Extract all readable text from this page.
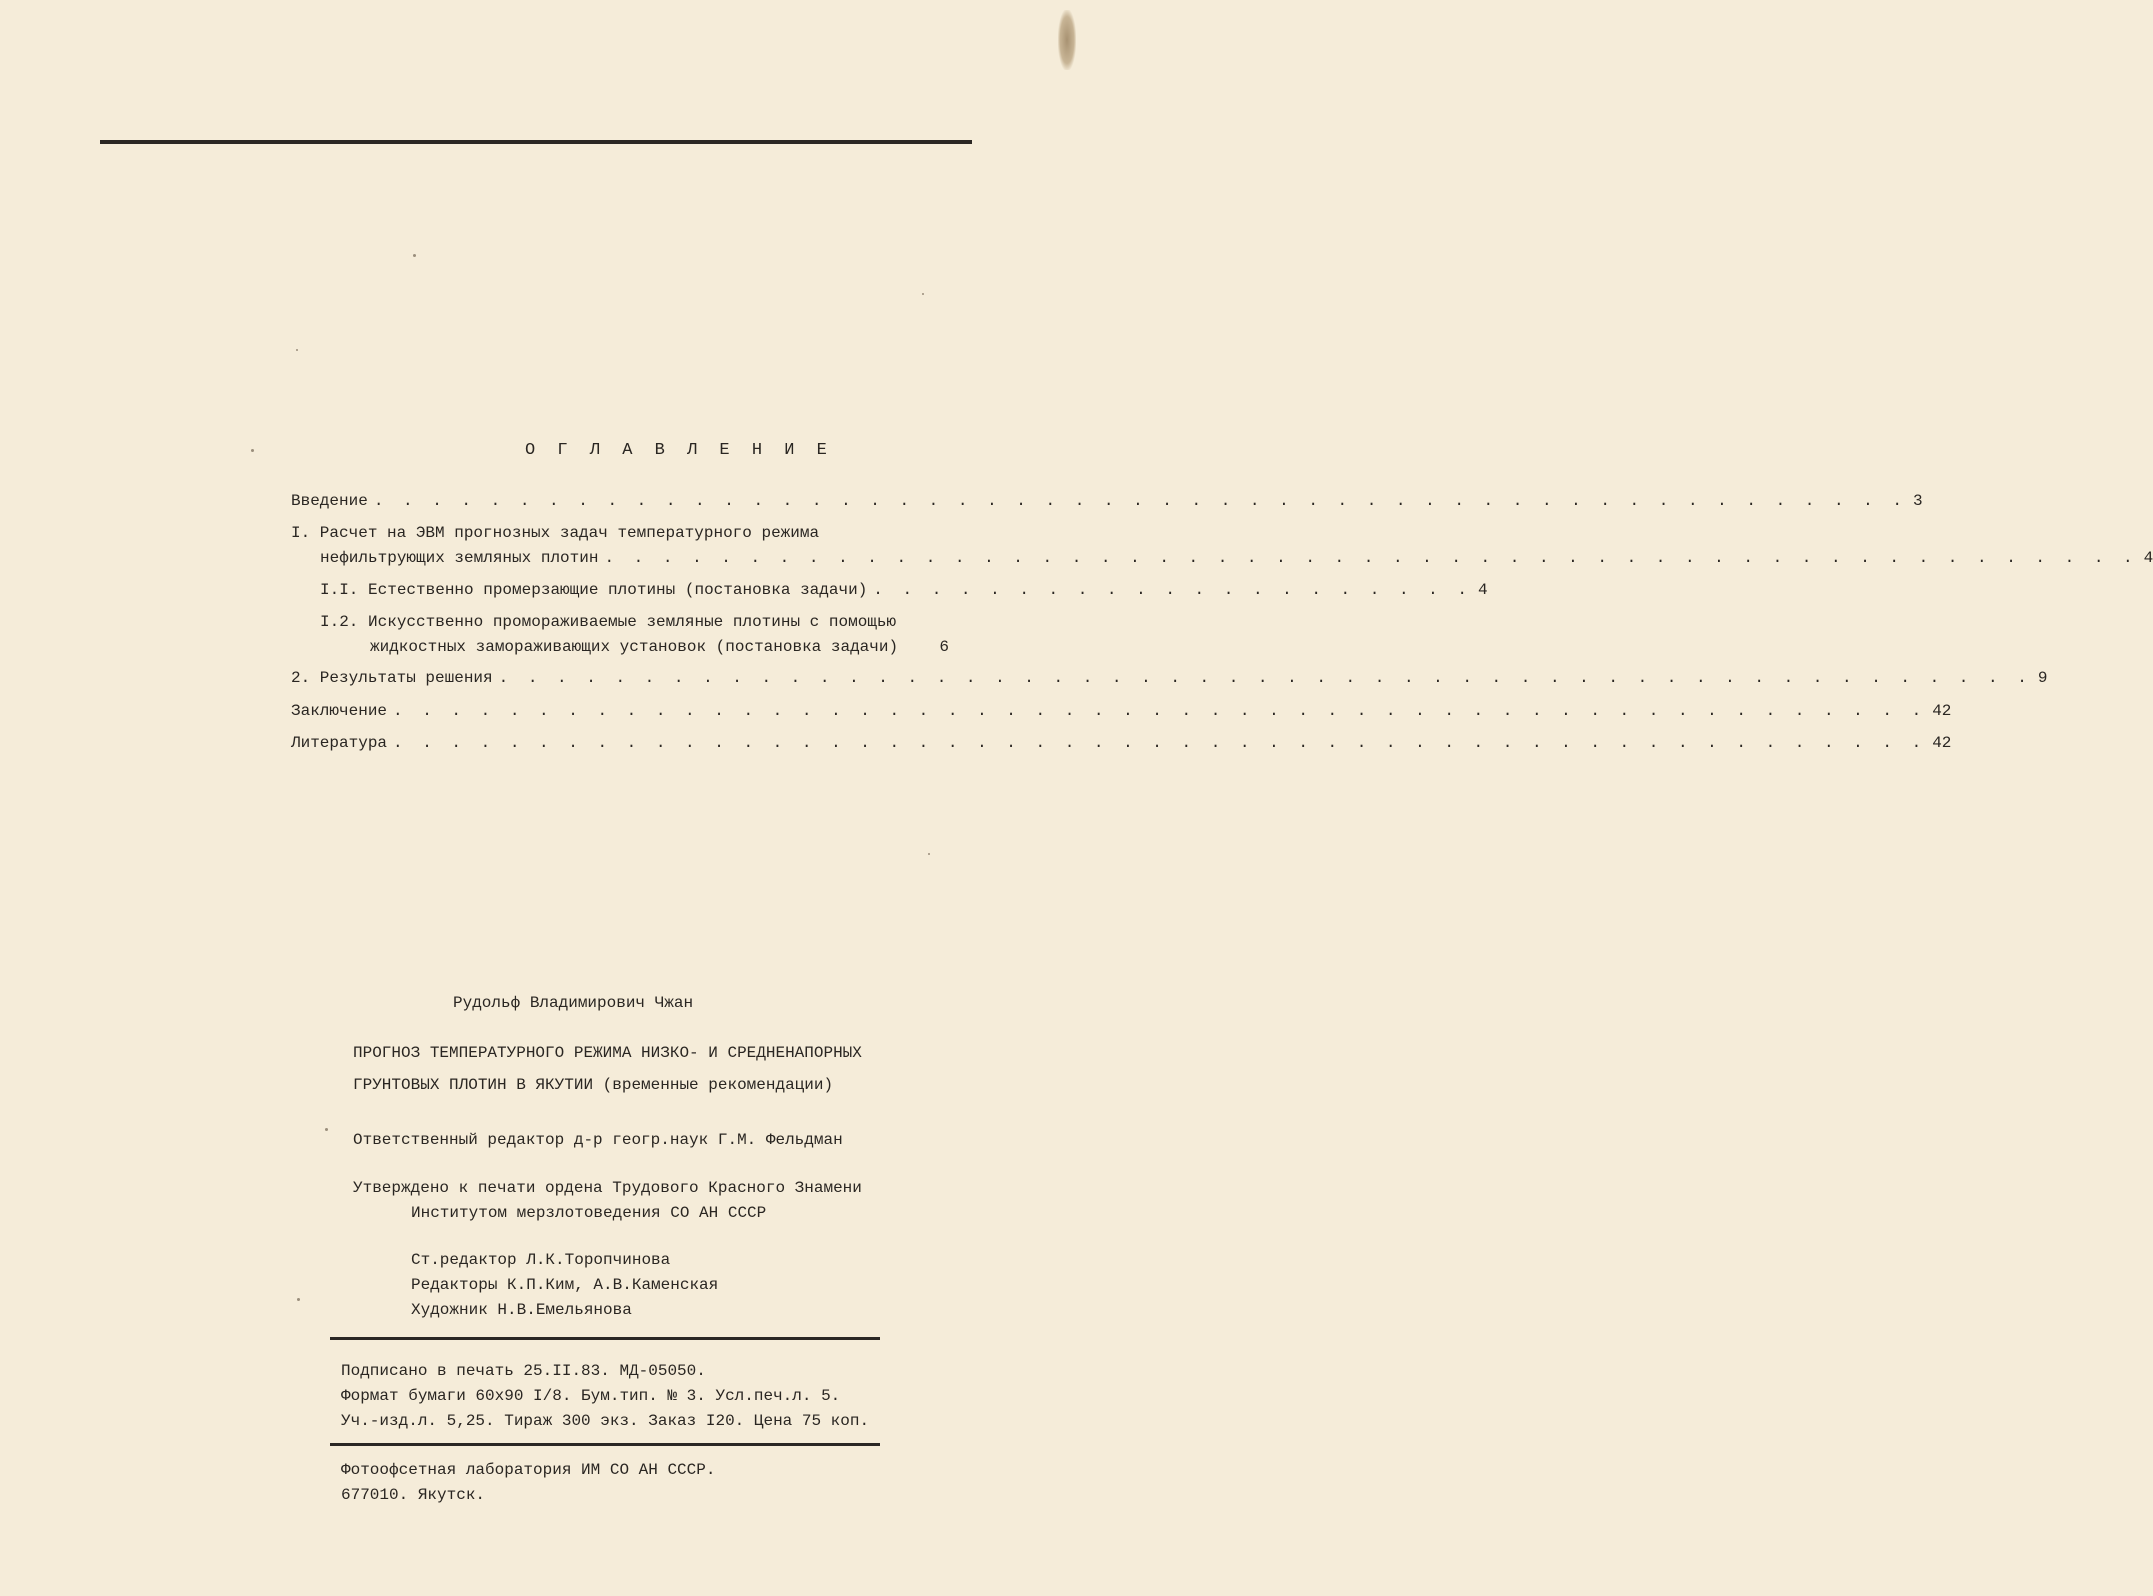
О Г Л А В Л Е Н И Е
Введение . . . . . . . . . . . . . . . . . . . . . . . . . . . . . . . . . . . . . . . . . . . . . . . . . . . . . 3
I. Расчет на ЭВМ прогнозных задач температурного режима
нефильтрующих земляных плотин . . . . . . . . . . . . . . . . . . . . . . . . . . . . . . . . . . . . . . . . . . . . . . . . . . . . . 4
I.I. Естественно промерзающие плотины (постановка задачи) . . . . . . . . . . . . . . . . . . . . . 4
I.2. Искусственно промораживаемые земляные плотины с помощью
жидкостных замораживающих установок (постановка задачи)	6
2. Результаты решения . . . . . . . . . . . . . . . . . . . . . . . . . . . . . . . . . . . . . . . . . . . . . . . . . . . . . 9
Заключение . . . . . . . . . . . . . . . . . . . . . . . . . . . . . . . . . . . . . . . . . . . . . . . . . . . . . 42
Литература . . . . . . . . . . . . . . . . . . . . . . . . . . . . . . . . . . . . . . . . . . . . . . . . . . . . . 42
Рудольф Владимирович Чжан
ПРОГНОЗ ТЕМПЕРАТУРНОГО РЕЖИМА НИЗКО- И СРЕДНЕНАПОРНЫХ
ГРУНТОВЫХ ПЛОТИН В ЯКУТИИ (временные рекомендации)
Ответственный редактор д-р геогр.наук Г.М. Фельдман
Утверждено к печати ордена Трудового Красного Знамени
Институтом мерзлотоведения СО АН СССР
Ст.редактор Л.К.Торопчинова
Редакторы К.П.Ким, А.В.Каменская
Художник Н.В.Емельянова
Подписано в печать 25.II.83. МД-05050.
Формат бумаги 60х90 I/8. Бум.тип. № 3. Усл.печ.л. 5.
Уч.-изд.л. 5,25. Тираж 300 экз. Заказ I20. Цена 75 коп.
Фотоофсетная лаборатория ИМ СО АН СССР.
677010. Якутск.
